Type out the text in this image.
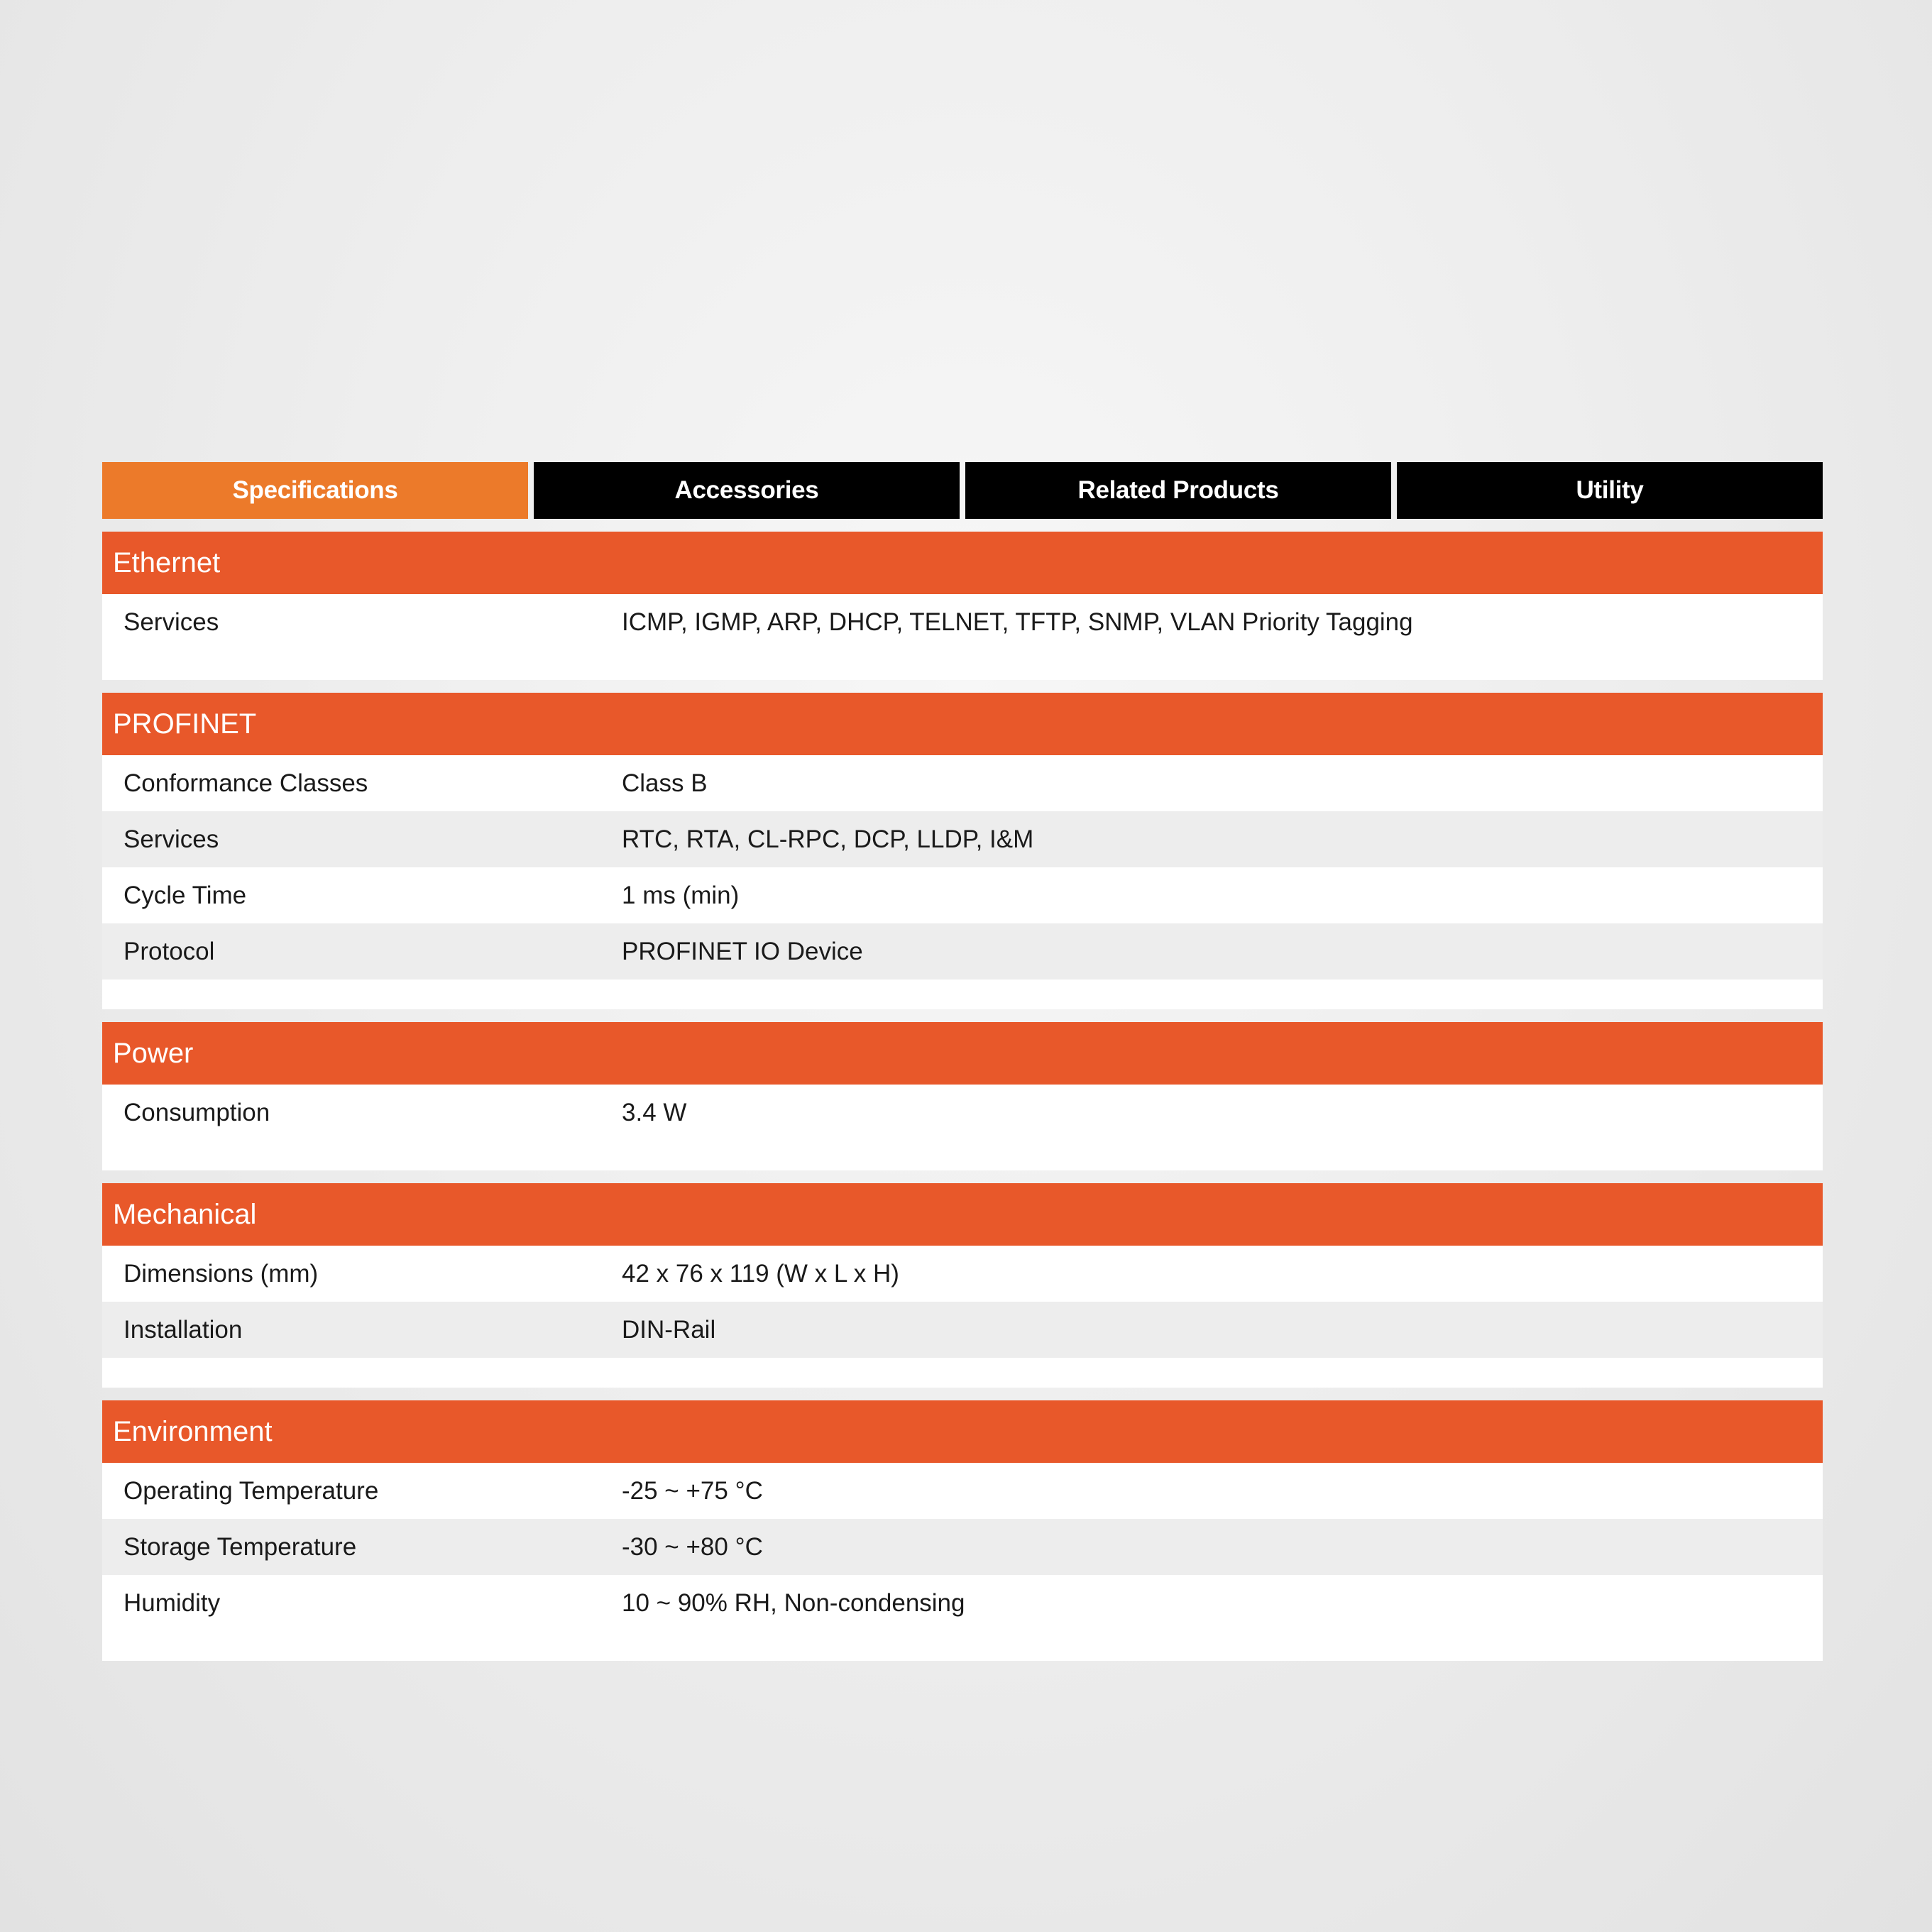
Specifications	Accessories	Related Products	Utility
Ethernet
Services	ICMP, IGMP, ARP, DHCP, TELNET, TFTP, SNMP, VLAN Priority Tagging
PROFINET
Conformance Classes	Class B
Services	RTC, RTA, CL-RPC, DCP, LLDP, I&M
Cycle Time	1 ms (min)
Protocol	PROFINET IO Device
Power
Consumption	3.4 W
Mechanical
Dimensions (mm)	42 x 76 x 119 (W x L x H)
Installation	DIN-Rail
Environment
Operating Temperature	-25 ~ +75 °C
Storage Temperature	-30 ~ +80 °C
Humidity	10 ~ 90% RH, Non-condensing
